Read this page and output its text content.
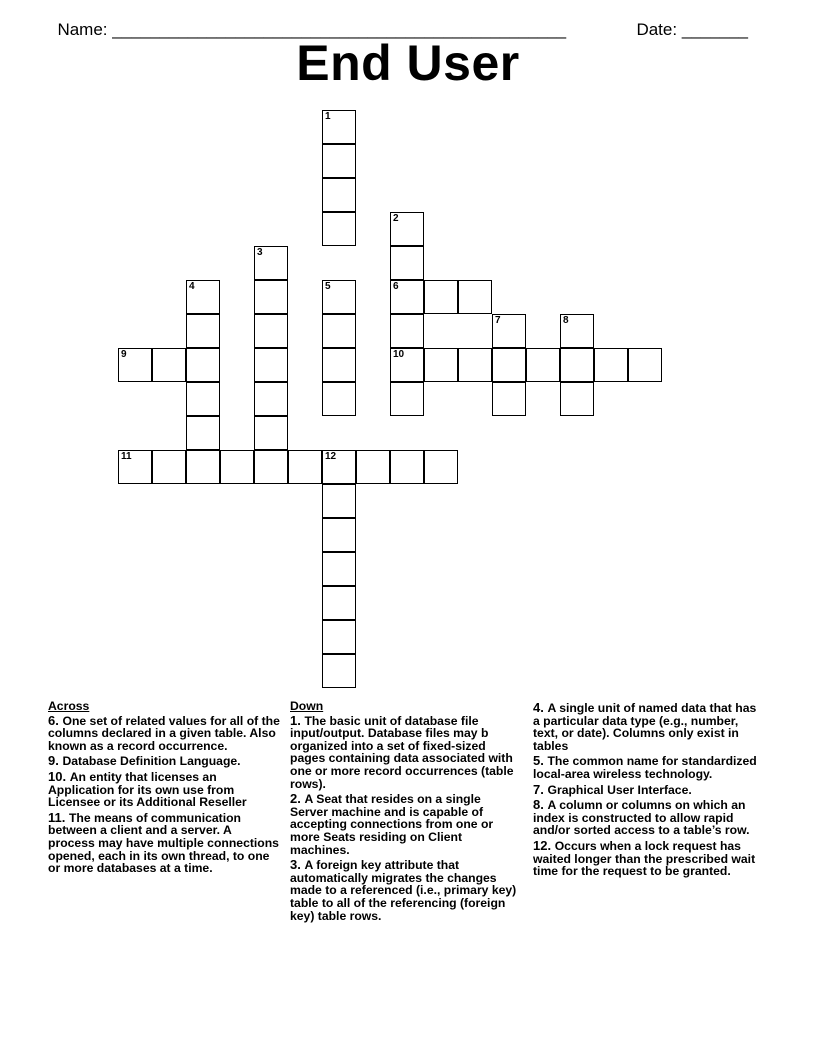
Name: ________________________________________________	Date: _______

End User
1
2
6
10
3
4	5
7	8
9
11	12
Across
6. One set of related values for all of the columns declared in a given table. Also known as a record occurrence.
9. Database Definition Language.
10. An entity that licenses an Application for its own use from Licensee or its Additional Reseller
11. The means of communication between a client and a server. A process may have multiple connections opened, each in its own thread, to one or more databases at a time.
Down
1. The basic unit of database file input/output. Database files may b organized into a set of fixed-sized pages containing data associated with one or more record occurrences (table rows).
2. A Seat that resides on a single Server machine and is capable of accepting connections from one or more Seats residing on Client machines.
3. A foreign key attribute that automatically migrates the changes made to a referenced (i.e., primary key) table to all of the referencing (foreign key) table rows.
4. A single unit of named data that has a particular data type (e.g., number, text, or date). Columns only exist in tables
5. The common name for standardized local-area wireless technology.
7. Graphical User Interface.
8. A column or columns on which an index is constructed to allow rapid and/or sorted access to a table’s row.
12. Occurs when a lock request has waited longer than the prescribed wait time for the request to be granted.
